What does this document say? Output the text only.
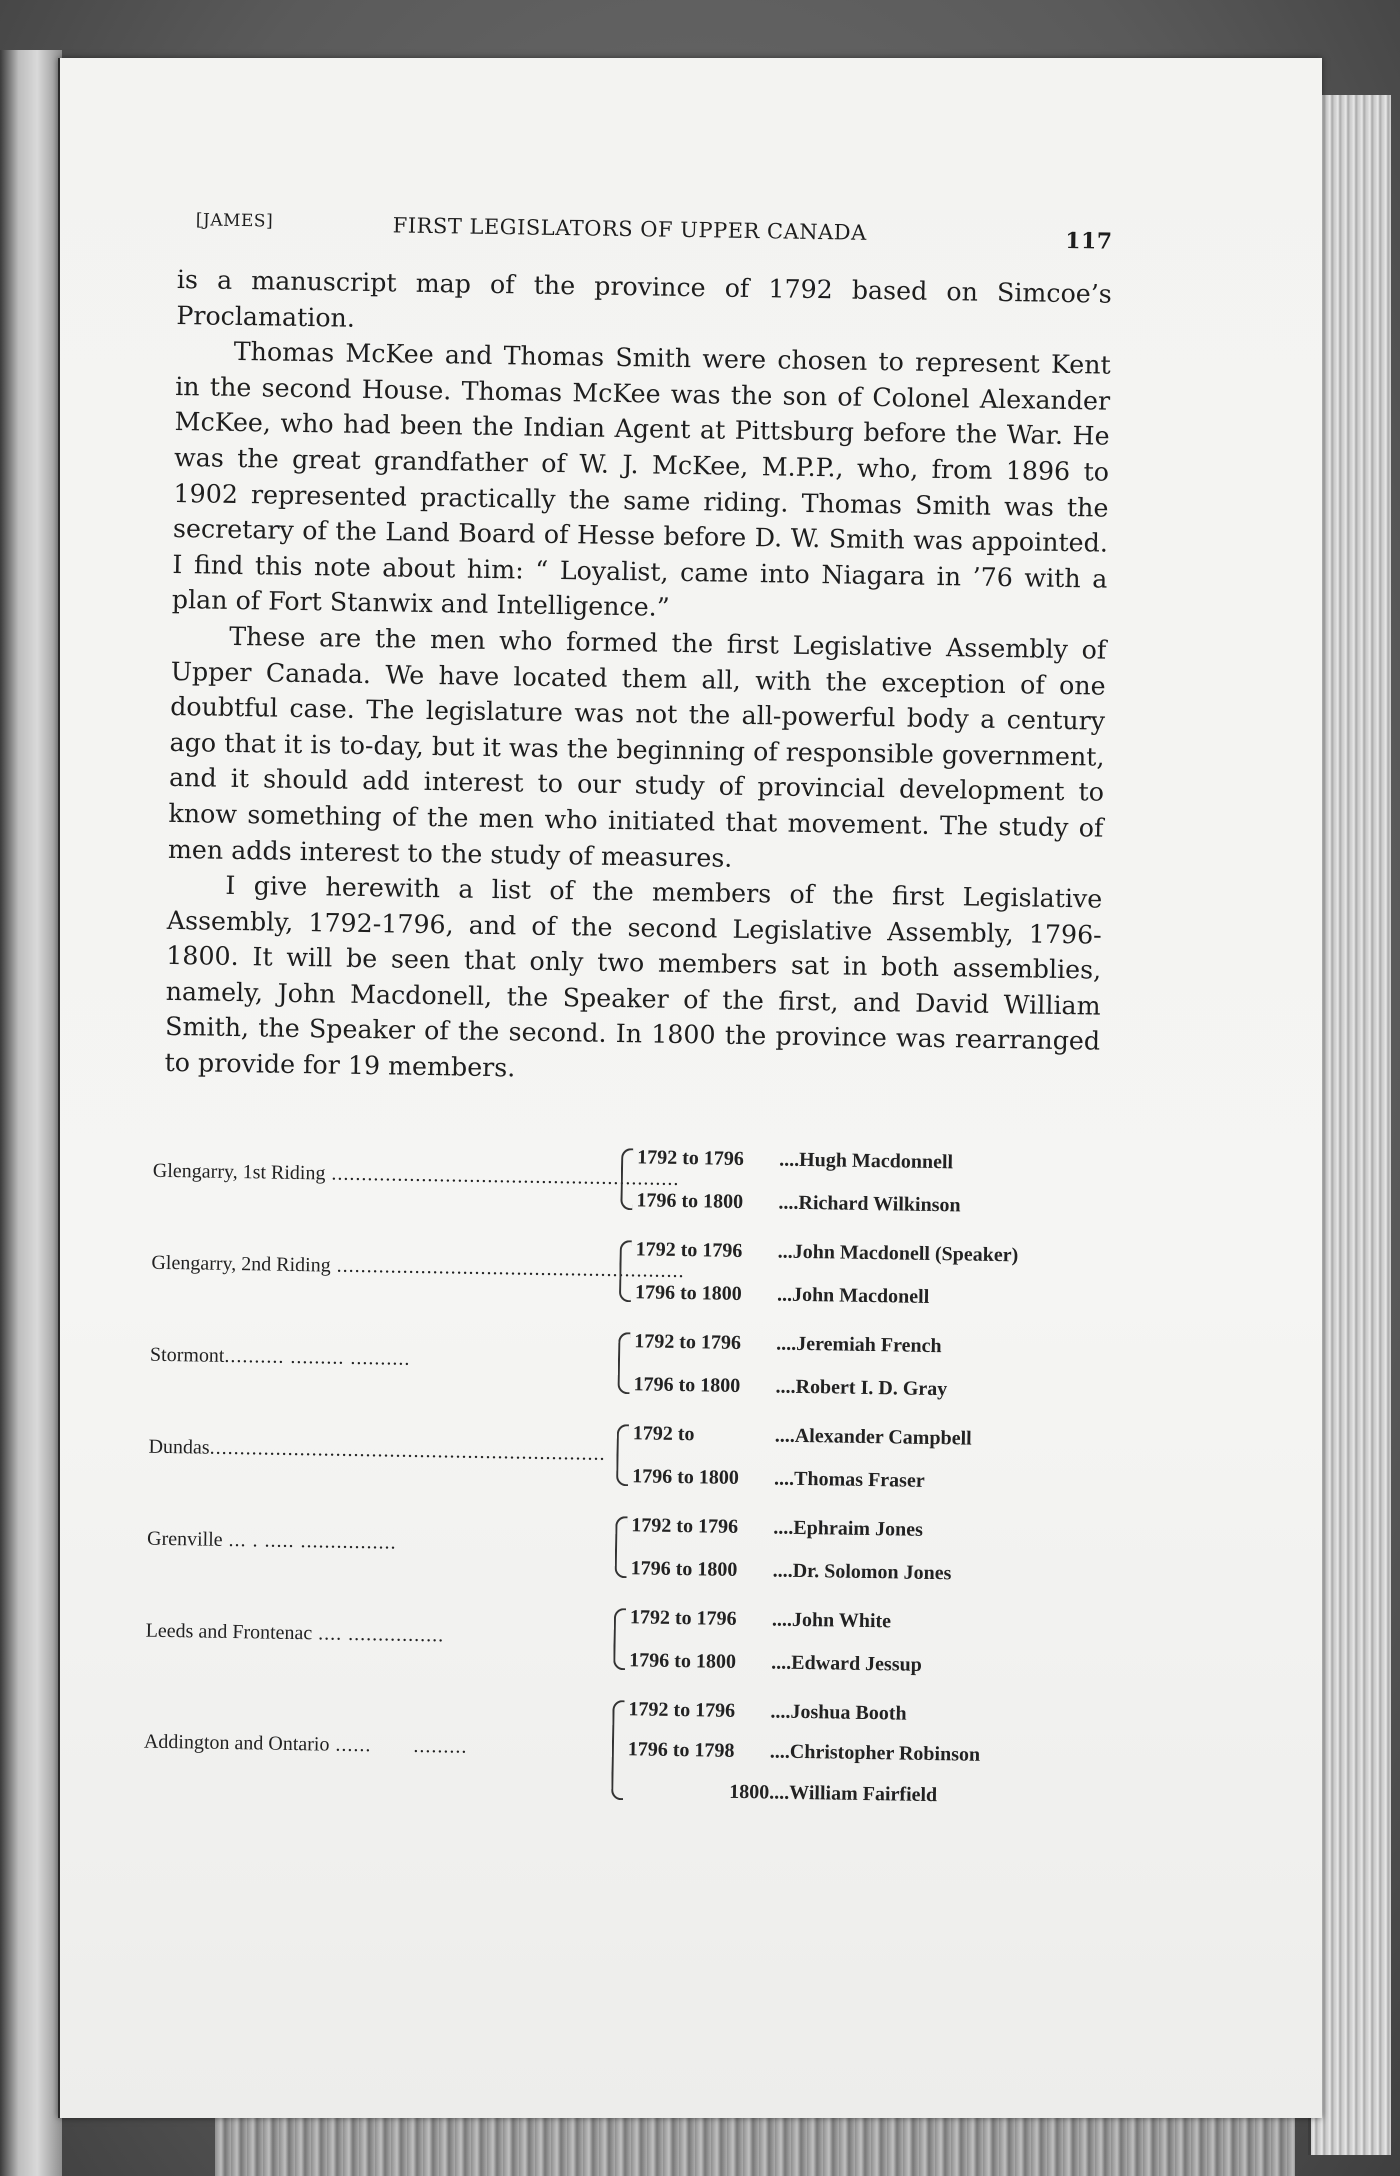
[JAMES]	FIRST LEGISLATORS OF UPPER CANADA	117

is a manuscript map of the province of 1792 based on Simcoe’s Proclamation.

Thomas McKee and Thomas Smith were chosen to represent Kent in the second House. Thomas McKee was the son of Colonel Alexander McKee, who had been the Indian Agent at Pittsburg before the War. He was the great grandfather of W. J. McKee, M.P.P., who, from 1896 to 1902 represented practically the same riding. Thomas Smith was the secretary of the Land Board of Hesse before D. W. Smith was appointed. I find this note about him: “ Loyalist, came into Niagara in ’76 with a plan of Fort Stanwix and Intelligence.”

These are the men who formed the first Legislative Assembly of Upper Canada. We have located them all, with the exception of one doubtful case. The legislature was not the all-powerful body a century ago that it is to-day, but it was the beginning of responsible government, and it should add interest to our study of provincial development to know something of the men who initiated that movement. The study of men adds interest to the study of measures.

I give herewith a list of the members of the first Legislative Assembly, 1792-1796, and of the second Legislative Assembly, 1796-1800. It will be seen that only two members sat in both assemblies, namely, John Macdonell, the Speaker of the first, and David William Smith, the Speaker of the second. In 1800 the province was rearranged to provide for 19 members.

Glengarry, 1st Riding ..........................................................
1792 to 1796	.... Hugh Macdonnell
1796 to 1800	.... Richard Wilkinson
Glengarry, 2nd Riding ..........................................................
1792 to 1796	... John Macdonell (Speaker)
1796 to 1800	... John Macdonell
Stormont.......... ......... ..........
1792 to 1796	.... Jeremiah French
1796 to 1800	.... Robert I. D. Gray
Dundas..................................................................
1792 to	.... Alexander Campbell
1796 to 1800	.... Thomas Fraser
Grenville ... . ..... ................
1792 to 1796	.... Ephraim Jones
1796 to 1800	.... Dr. Solomon Jones
Leeds and Frontenac .... ................
1792 to 1796	.... John White
1796 to 1800	.... Edward Jessup
Addington and Ontario ......       .........
1792 to 1796	.... Joshua Booth
1796 to 1798	.... Christopher Robinson
1800 .... William Fairfield
